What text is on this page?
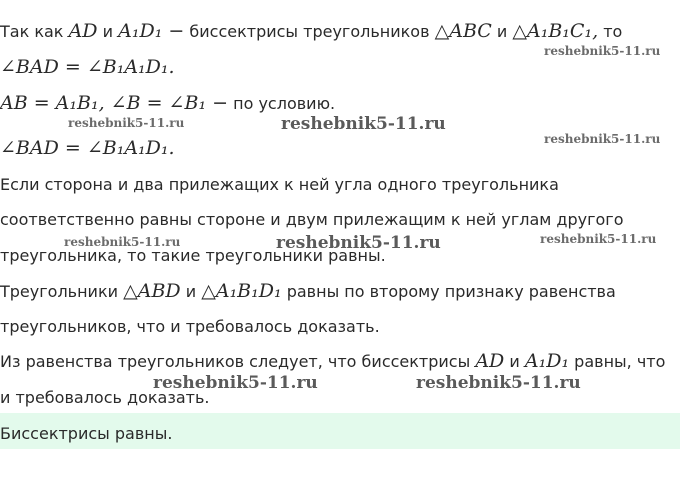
Так как AD и A₁D₁ − биссектрисы треугольников △ABC и △A₁B₁C₁, то
∠BAD = ∠B₁A₁D₁.
AB = A₁B₁, ∠B = ∠B₁ − по условию.
∠BAD = ∠B₁A₁D₁.
Если сторона и два прилежащих к ней угла одного треугольника
соответственно равны стороне и двум прилежащим к ней углам другого
треугольника, то такие треугольники равны.
Треугольники △ABD и △A₁B₁D₁ равны по второму признаку равенства
треугольников, что и требовалось доказать.
Из равенства треугольников следует, что биссектрисы AD и A₁D₁ равны, что
и требовалось доказать.
Биссектрисы равны.
reshebnik5-11.ru
reshebnik5-11.ru	reshebnik5-11.ru
reshebnik5-11.ru
reshebnik5-11.ru	reshebnik5-11.ru	reshebnik5-11.ru
reshebnik5-11.ru	reshebnik5-11.ru
